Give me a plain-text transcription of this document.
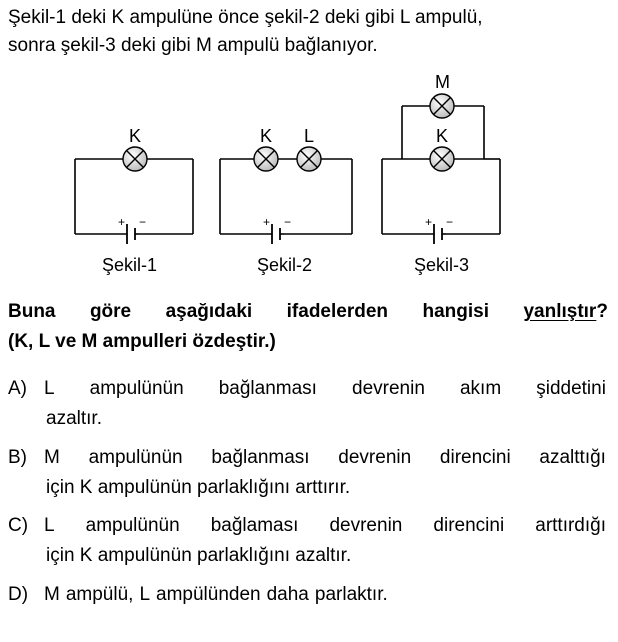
Şekil-1 deki K ampulüne önce şekil-2 deki gibi L ampulü,
sonra şekil-3 deki gibi M ampulü bağlanıyor.
K
+ −
Şekil-1
K L
+ −
Şekil-2
M
K
+ −
Şekil-3
Buna göre aşağıdaki ifadelerden hangisi yanlıştır?
(K, L ve M ampulleri özdeştir.)
A) L ampulünün bağlanması devrenin akım şiddetini
azaltır.
B) M ampulünün bağlanması devrenin direncini azalttığı
için K ampulünün parlaklığını arttırır.
C) L ampulünün bağlaması devrenin direncini arttırdığı
için K ampulünün parlaklığını azaltır.
D) M ampülü, L ampülünden daha parlaktır.
